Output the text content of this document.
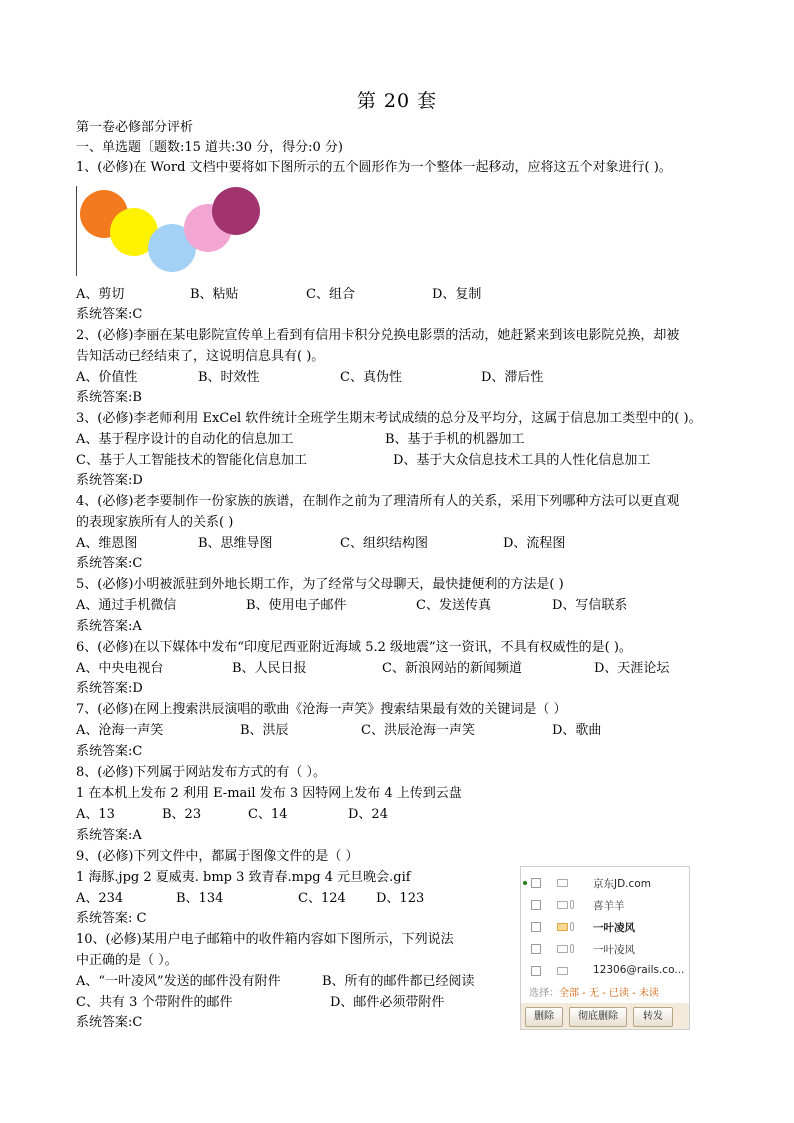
第 20 套
第一卷必修部分评析
一、单选题〔题数:15 道共:30 分，得分:0 分)
1、(必修)在 Word 文档中要将如下图所示的五个圆形作为一个整体一起移动，应将这五个对象进行( )。
A、剪切	B、粘贴	C、组合	D、复制
系统答案:C
2、(必修)李丽在某电影院宣传单上看到有信用卡积分兑换电影票的活动，她赶紧来到该电影院兑换，却被
告知活动已经结束了，这说明信息具有( )。
A、价值性	B、时效性	C、真伪性	D、滞后性
系统答案:B
3、(必修)李老师利用 ExCel 软件统计全班学生期末考试成绩的总分及平均分，这属于信息加工类型中的( )。
A、基于程序设计的自动化的信息加工	B、基于手机的机器加工
C、基于人工智能技术的智能化信息加工	D、基于大众信息技术工具的人性化信息加工
系统答案:D
4、(必修)老李要制作一份家族的族谱，在制作之前为了理清所有人的关系，采用下列哪种方法可以更直观
的表现家族所有人的关系( )
A、维恩图	B、思维导图	C、组织结构图	D、流程图
系统答案:C
5、(必修)小明被派驻到外地长期工作，为了经常与父母聊天，最快捷便利的方法是( )
A、通过手机微信	B、使用电子邮件	C、发送传真	D、写信联系
系统答案:A
6、(必修)在以下媒体中发布“印度尼西亚附近海域 5.2 级地震”这一资讯，不具有权威性的是( )。
A、中央电视台	B、人民日报	C、新浪网站的新闻频道	D、天涯论坛
系统答案:D
7、(必修)在网上搜索洪辰演唱的歌曲《沧海一声笑》搜索结果最有效的关键词是（ ）
A、沧海一声笑	B、洪辰	C、洪辰沧海一声笑	D、歌曲
系统答案:C
8、(必修)下列属于网站发布方式的有（ ）。
1 在本机上发布 2 利用 E-mail 发布 3 因特网上发布 4 上传到云盘
A、13	B、23	C、14	D、24
系统答案:A
9、(必修)下列文件中，都属于图像文件的是（ ）
1 海豚.jpg 2 夏威夷. bmp 3 致青春.mpg 4 元旦晚会.gif
A、234	B、134	C、124 D、123
系统答案: C
10、(必修)某用户电子邮箱中的收件箱内容如下图所示，下列说法
中正确的是（ ）。
A、“一叶凌风”发送的邮件没有附件	B、所有的邮件都已经阅读
C、共有 3 个带附件的邮件	D、邮件必须带附件
系统答案:C
京东JD.com
喜羊羊
一叶凌风
一叶凌风
12306@rails.co...
选择：全部 - 无 - 已读 - 未读
删除	彻底删除	转发
